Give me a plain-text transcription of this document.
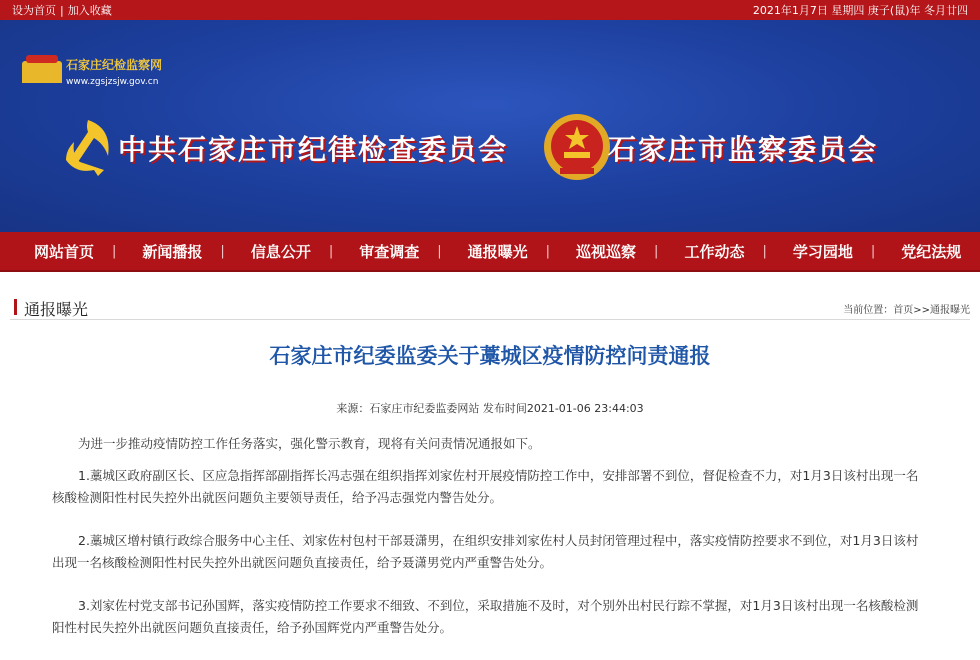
设为首页 | 加入收藏	2021年1月7日 星期四 庚子(鼠)年 冬月廿四
石家庄纪检监察网
www.zgsjzsjw.gov.cn
中共石家庄市纪律检查委员会	石家庄市监察委员会
网站首页	|	新闻播报	|	信息公开	|	审查调查	|	通报曝光	|	巡视巡察	|	工作动态	|	学习园地	|	党纪法规
通报曝光	当前位置：首页>>通报曝光
石家庄市纪委监委关于藁城区疫情防控问责通报
来源：石家庄市纪委监委网站 发布时间2021-01-06 23:44:03

为进一步推动疫情防控工作任务落实，强化警示教育，现将有关问责情况通报如下。

1.藁城区政府副区长、区应急指挥部副指挥长冯志强在组织指挥刘家佐村开展疫情防控工作中，安排部署不到位，督促检查不力，对1月3日该村出现一名核酸检测阳性村民失控外出就医问题负主要领导责任，给予冯志强党内警告处分。

2.藁城区增村镇行政综合服务中心主任、刘家佐村包村干部聂潇男，在组织安排刘家佐村人员封闭管理过程中，落实疫情防控要求不到位，对1月3日该村出现一名核酸检测阳性村民失控外出就医问题负直接责任，给予聂潇男党内严重警告处分。

3.刘家佐村党支部书记孙国辉，落实疫情防控工作要求不细致、不到位，采取措施不及时，对个别外出村民行踪不掌握，对1月3日该村出现一名核酸检测阳性村民失控外出就医问题负直接责任，给予孙国辉党内严重警告处分。
